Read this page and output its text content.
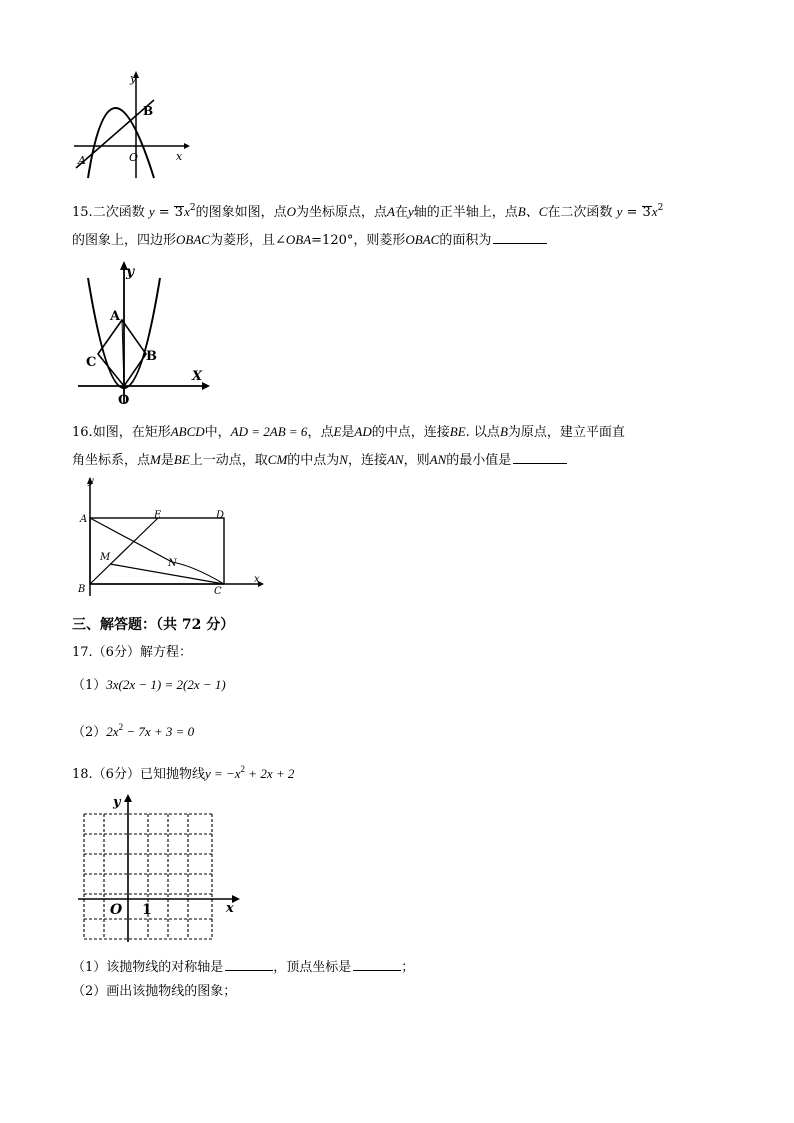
y
B
A	O	x
15.二次函数 $y = 3x^2$的图象如图，点O为坐标原点，点A在y轴的正半轴上，点B、C在二次函数 $y = 3x^2$
的图象上，四边形OBAC为菱形，且∠OBA=120°，则菱形OBAC的面积为
y
A
C	B
O
X
16.如图，在矩形ABCD中，AD = 2AB = 6，点E是AD的中点，连接BE. 以点B为原点，建立平面直
角坐标系，点M是BE上一动点，取CM的中点为N，连接AN，则AN的最小值是
y
A	E	D
M
N
B	C
x
三、解答题：（共 72 分）
17.（6分）解方程：
（1）3x(2x − 1) = 2(2x − 1)
$(2)2x^2 - 7x + 3 = 0$
18.（6分）已知抛物线$y = -x^2 + 2x + 2$
y
O 1	x
（1）该抛物线的对称轴是	，顶点坐标是	；
（2）画出该抛物线的图象；
